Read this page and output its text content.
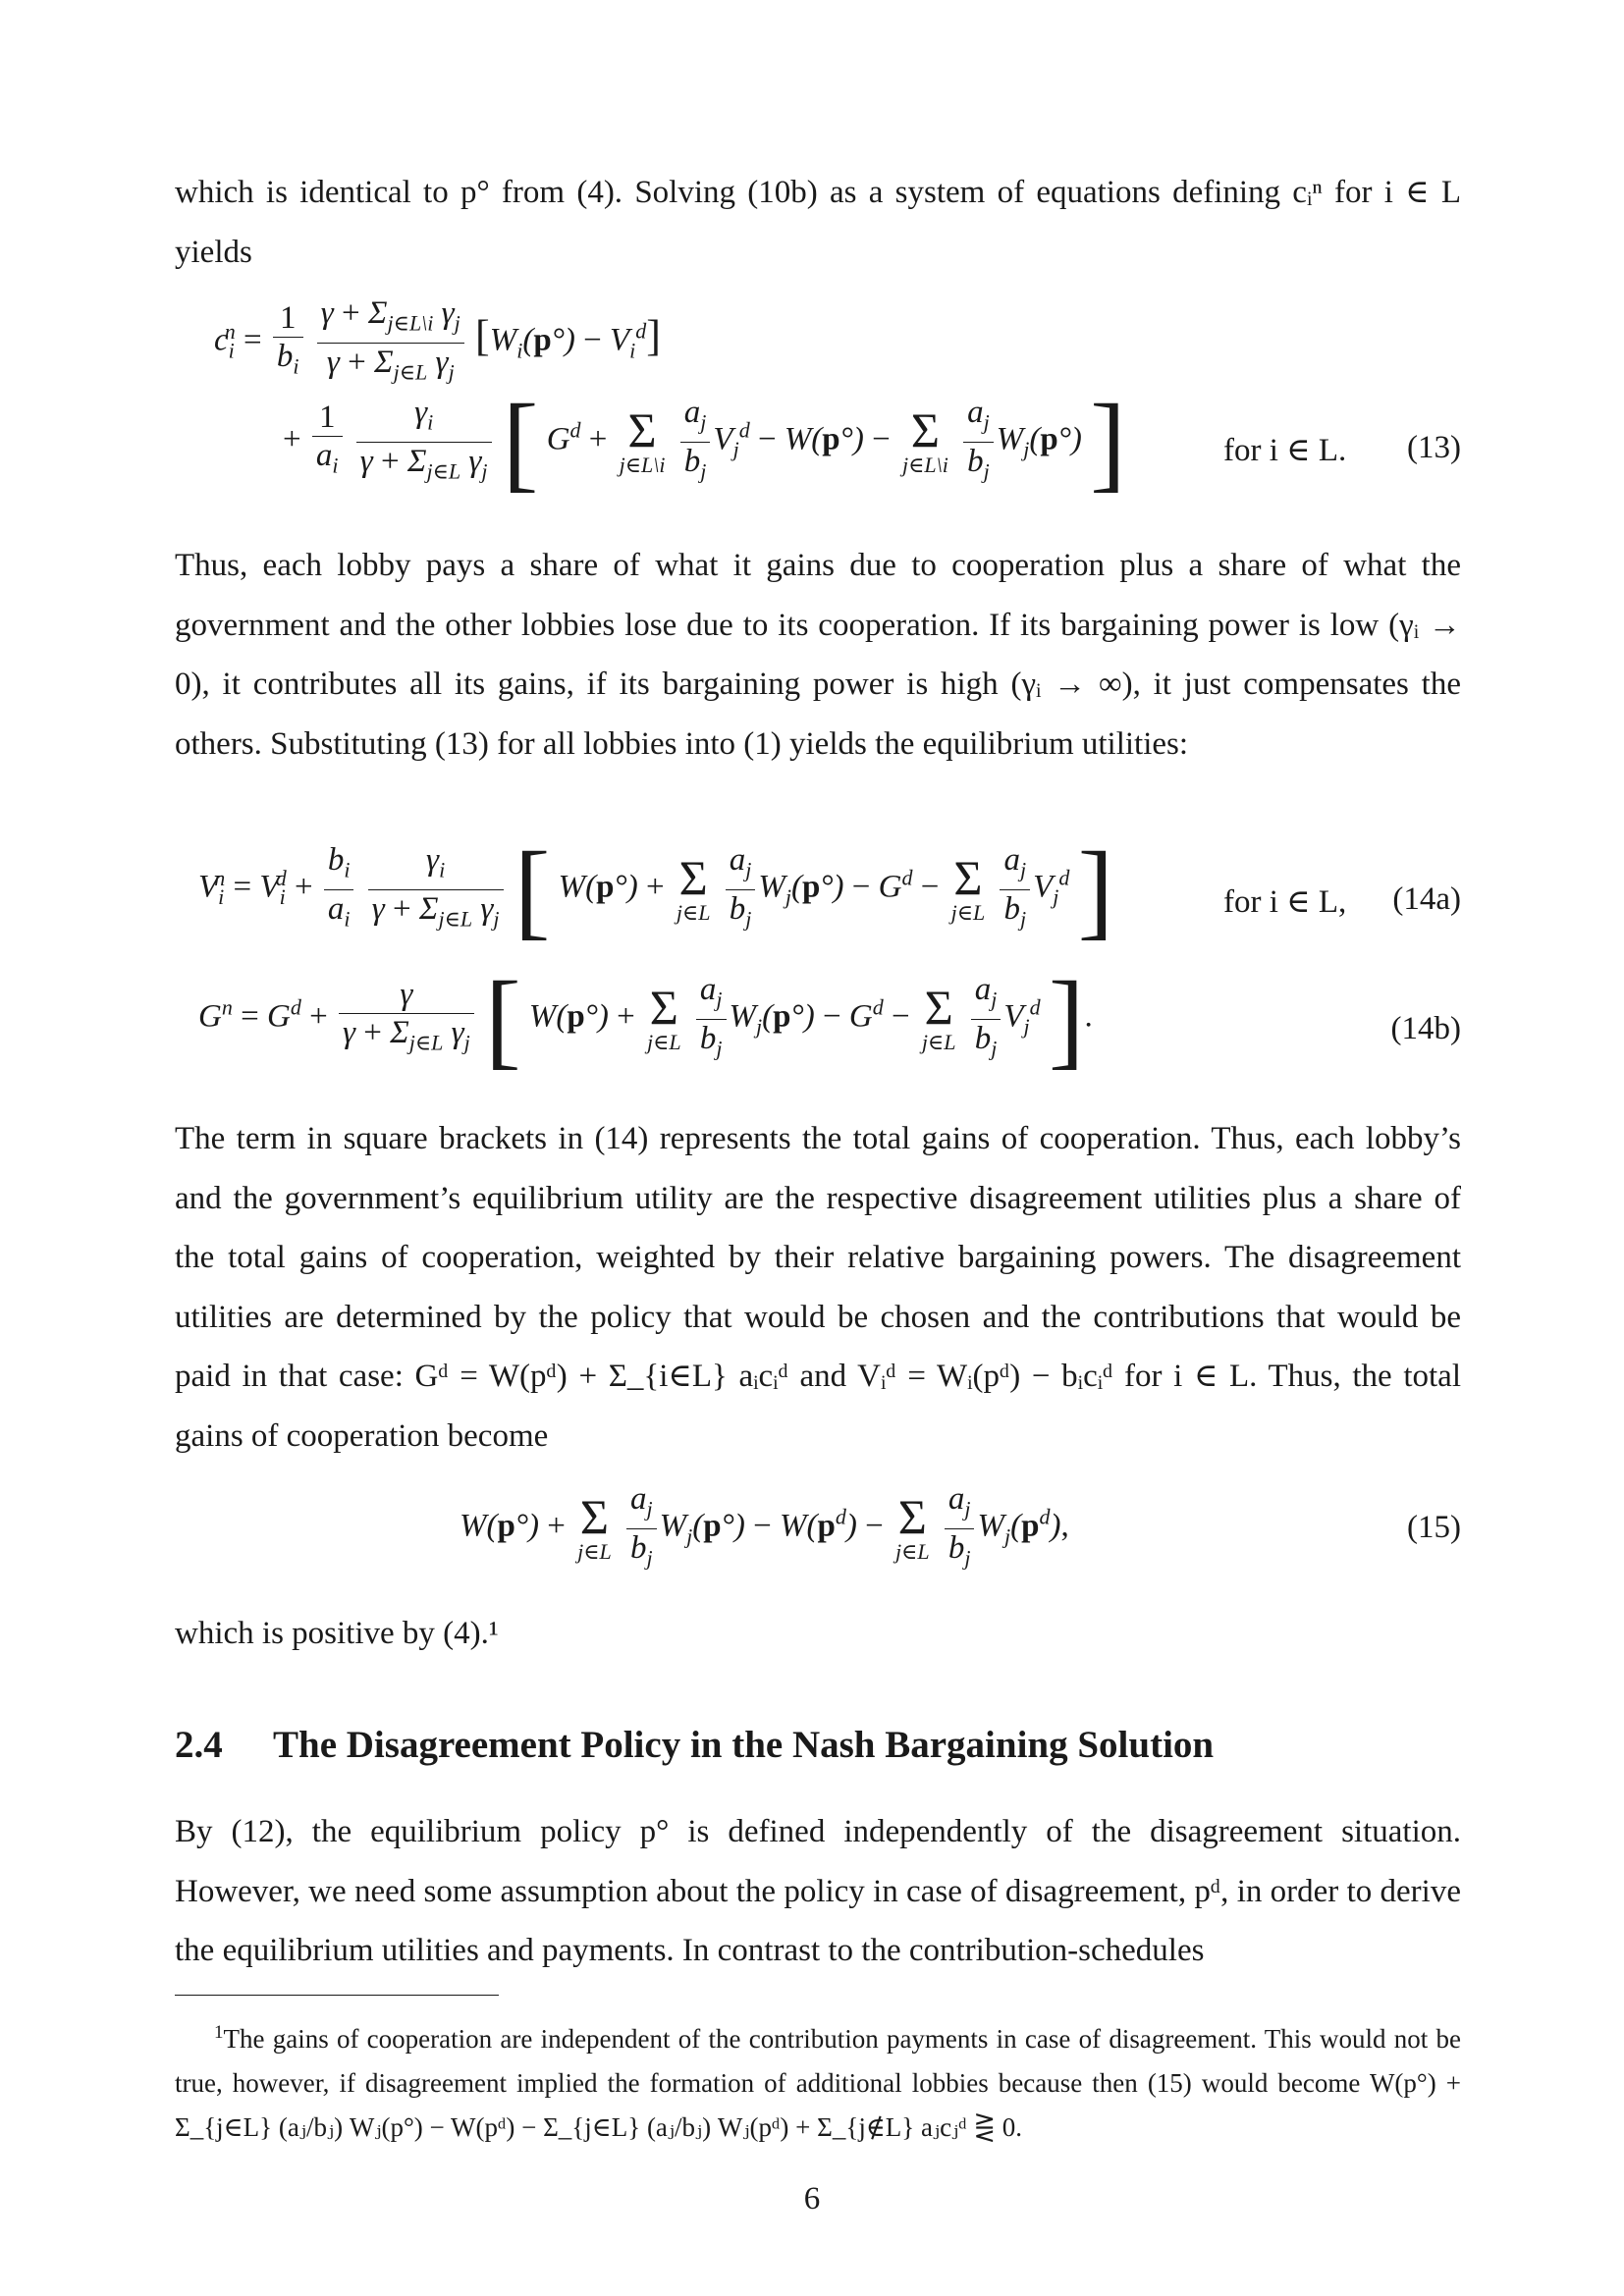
which is identical to p° from (4). Solving (10b) as a system of equations defining cᵢⁿ for i ∈ L yields

$c_i^n = \frac{1}{b_i}$
$\frac{\gamma + \Sigma_{j\in L\backslash i} \gamma_j}{\gamma + \Sigma_{j\in L} \gamma_j} [W_i(p^\circ) - V_i^d]$
+ $\frac{1}{a_i}$
$\frac{\gamma_i}{\gamma + \Sigma_{j\in L} \gamma_j}$ [ $G^d + \Sigma$
j∈L\i
$\frac{a_j}{b_j} V_j^d - W(p^\circ) - \Sigma$
j∈L\i
$\frac{a_j}{b_j} W_j(p^\circ)$ ]	for i ∈ L. (13)

Thus, each lobby pays a share of what it gains due to cooperation plus a share of what the government and the other lobbies lose due to its cooperation. If its bargaining power is low (γᵢ → 0), it contributes all its gains, if its bargaining power is high (γᵢ → ∞), it just compensates the others. Substituting (13) for all lobbies into (1) yields the equilibrium utilities:

$V_i^n = V_i^d + \frac{b_i}{a_i}$
$\frac{\gamma_i}{\gamma + \Sigma_{j\in L} \gamma_j}$ [ W(p°) + Σ
j∈L
$\frac{a_j}{b_j} W_j(p^\circ) - G^d - \Sigma$
j∈L
$\frac{a_j}{b_j} V_j^d$ ]	for i ∈ L, (14a)
$G^n = G^d + \frac{\gamma}{\gamma + \Sigma_{j\in L} \gamma_j}$ [ W(p°) + Σ
j∈L
$\frac{a_j}{b_j} W_j(p^\circ) - G^d - \Sigma$
j∈L
$\frac{a_j}{b_j} V_j^d$ ].	(14b)

The term in square brackets in (14) represents the total gains of cooperation. Thus, each lobby’s and the government’s equilibrium utility are the respective disagreement utilities plus a share of the total gains of cooperation, weighted by their relative bargaining powers. The disagreement utilities are determined by the policy that would be chosen and the contributions that would be paid in that case: Gᵈ = W(pᵈ) + Σ_{i∈L} aᵢcᵢᵈ and Vᵢᵈ = Wᵢ(pᵈ) − bᵢcᵢᵈ for i ∈ L. Thus, the total gains of cooperation become

W(p°) + Σ
j∈L
$\frac{a_j}{b_j} W_j(p^\circ) - W(p^d) - \Sigma$
j∈L
$\frac{a_j}{b_j} W_j(p^d)$,	(15)

which is positive by (4).¹

2.4 The Disagreement Policy in the Nash Bargaining Solution

By (12), the equilibrium policy p° is defined independently of the disagreement situation. However, we need some assumption about the policy in case of disagreement, pᵈ, in order to derive the equilibrium utilities and payments. In contrast to the contribution-schedules

$^1$The gains of cooperation are independent of the contribution payments in case of disagreement. This would not be true, however, if disagreement implied the formation of additional lobbies because then (15) would become W(p°) + Σ_{j∈L} (aⱼ/bⱼ) Wⱼ(p°) − W(pᵈ) − Σ_{j∈L} (aⱼ/bⱼ) Wⱼ(pᵈ) + Σ_{j∉L} aⱼcⱼᵈ ⋛ 0.

6
